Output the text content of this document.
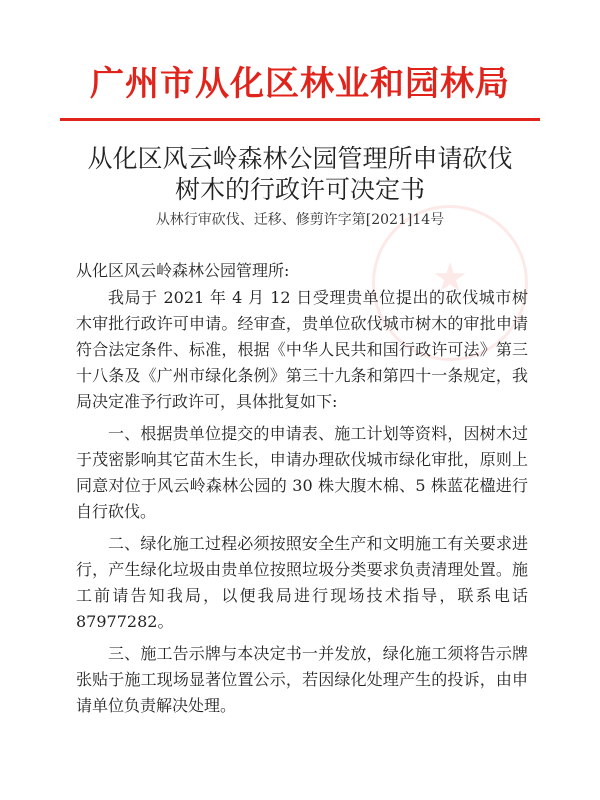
★
广州市从化区林业和园林局
从化区风云岭森林公园管理所申请砍伐
树木的行政许可决定书
从林行审砍伐、迁移、修剪许字第[2021]14号
从化区风云岭森林公园管理所:

我局于 2021 年 4 月 12 日受理贵单位提出的砍伐城市树木审批行政许可申请。经审查，贵单位砍伐城市树木的审批申请符合法定条件、标准，根据《中华人民共和国行政许可法》第三十八条及《广州市绿化条例》第三十九条和第四十一条规定，我局决定准予行政许可，具体批复如下:

一、根据贵单位提交的申请表、施工计划等资料，因树木过于茂密影响其它苗木生长，申请办理砍伐城市绿化审批，原则上同意对位于风云岭森林公园的 30 株大腹木棉、5 株蓝花楹进行自行砍伐。

二、绿化施工过程必须按照安全生产和文明施工有关要求进行，产生绿化垃圾由贵单位按照垃圾分类要求负责清理处置。施工前请告知我局，以便我局进行现场技术指导，联系电话87977282。

三、施工告示牌与本决定书一并发放，绿化施工须将告示牌张贴于施工现场显著位置公示，若因绿化处理产生的投诉，由申请单位负责解决处理。
